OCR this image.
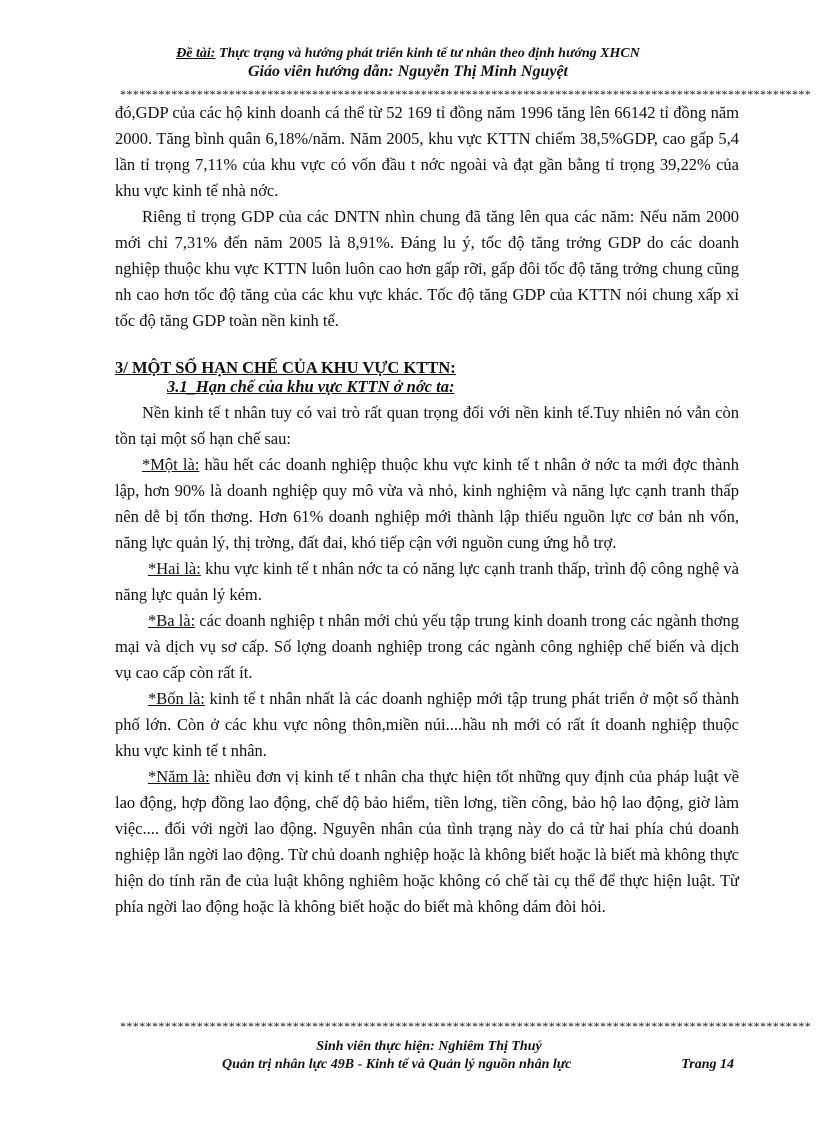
Đề tài: Thực trạng và hướng phát triển kinh tế tư nhân theo định hướng XHCN
Giáo viên hướng dẫn: Nguyễn Thị Minh Nguyệt
************************************************************************************************************

đó,GDP của các hộ kinh doanh cá thể từ 52 169 tỉ đồng năm 1996 tăng lên 66142 tỉ đồng năm 2000. Tăng bình quân 6,18%/năm. Năm 2005, khu vực KTTN chiếm 38,5%GDP, cao gấp 5,4 lần tỉ trọng 7,11% của khu vực có vốn đầu t nớc ngoài và đạt gần bằng tỉ trọng 39,22% của khu vực kinh tế nhà nớc.

Riêng tỉ trọng GDP của các DNTN nhìn chung đã tăng lên qua các năm: Nếu năm 2000 mới chỉ 7,31% đến năm 2005 là 8,91%. Đáng lu ý, tốc độ tăng trởng GDP do các doanh nghiệp thuộc khu vực KTTN luôn luôn cao hơn gấp rỡi, gấp đôi tốc độ tăng trởng chung cũng nh cao hơn tốc độ tăng của các khu vực khác. Tốc độ tăng GDP của KTTN nói chung xấp xỉ tốc độ tăng GDP toàn nền kinh tế.

3/ MỘT SỐ HẠN CHẾ CỦA KHU VỰC KTTN:

3.1_Hạn chế của khu vực KTTN ở nớc ta:

Nền kinh tế t nhân tuy có vai trò rất quan trọng đối với nền kinh tế.Tuy nhiên nó vẫn còn tồn tại một số hạn chế sau:

*Một là: hầu hết các doanh nghiệp thuộc khu vực kinh tế t nhân ở nớc ta mới đợc thành lập, hơn 90% là doanh nghiệp quy mô vừa và nhỏ, kinh nghiệm và năng lực cạnh tranh thấp nên dễ bị tổn thơng. Hơn 61% doanh nghiệp mới thành lập thiếu nguồn lực cơ bản nh vốn, năng lực quản lý, thị trờng, đất đai, khó tiếp cận với nguồn cung ứng hỗ trợ.

*Hai là: khu vực kinh tế t nhân nớc ta có năng lực cạnh tranh thấp, trình độ công nghệ và năng lực quản lý kém.

*Ba là: các doanh nghiệp t nhân mới chủ yếu tập trung kinh doanh trong các ngành thơng mại và dịch vụ sơ cấp. Số lợng doanh nghiệp trong các ngành công nghiệp chế biến và dịch vụ cao cấp còn rất ít.

*Bốn là: kinh tế t nhân nhất là các doanh nghiệp mới tập trung phát triển ở một số thành phố lớn. Còn ở các khu vực nông thôn,miền núi....hầu nh mới có rất ít doanh nghiệp thuộc khu vực kinh tế t nhân.

*Năm là: nhiều đơn vị kinh tế t nhân cha thực hiện tốt những quy định của pháp luật về lao động, hợp đồng lao động, chế độ bảo hiểm, tiền lơng, tiền công, bảo hộ lao động, giờ làm việc.... đối với ngời lao động. Nguyên nhân của tình trạng này do cả từ hai phía chủ doanh nghiệp lẫn ngời lao động. Từ chủ doanh nghiệp hoặc là không biết hoặc là biết mà không thực hiện do tính răn đe của luật không nghiêm hoặc không có chế tài cụ thể để thực hiện luật. Từ phía ngời lao động hoặc là không biết hoặc do biết mà không dám đòi hỏi.

************************************************************************************************************
Sinh viên thực hiện: Nghiêm Thị Thuý
Quản trị nhân lực 49B - Kinh tế và Quản lý nguồn nhân lực	Trang 14
